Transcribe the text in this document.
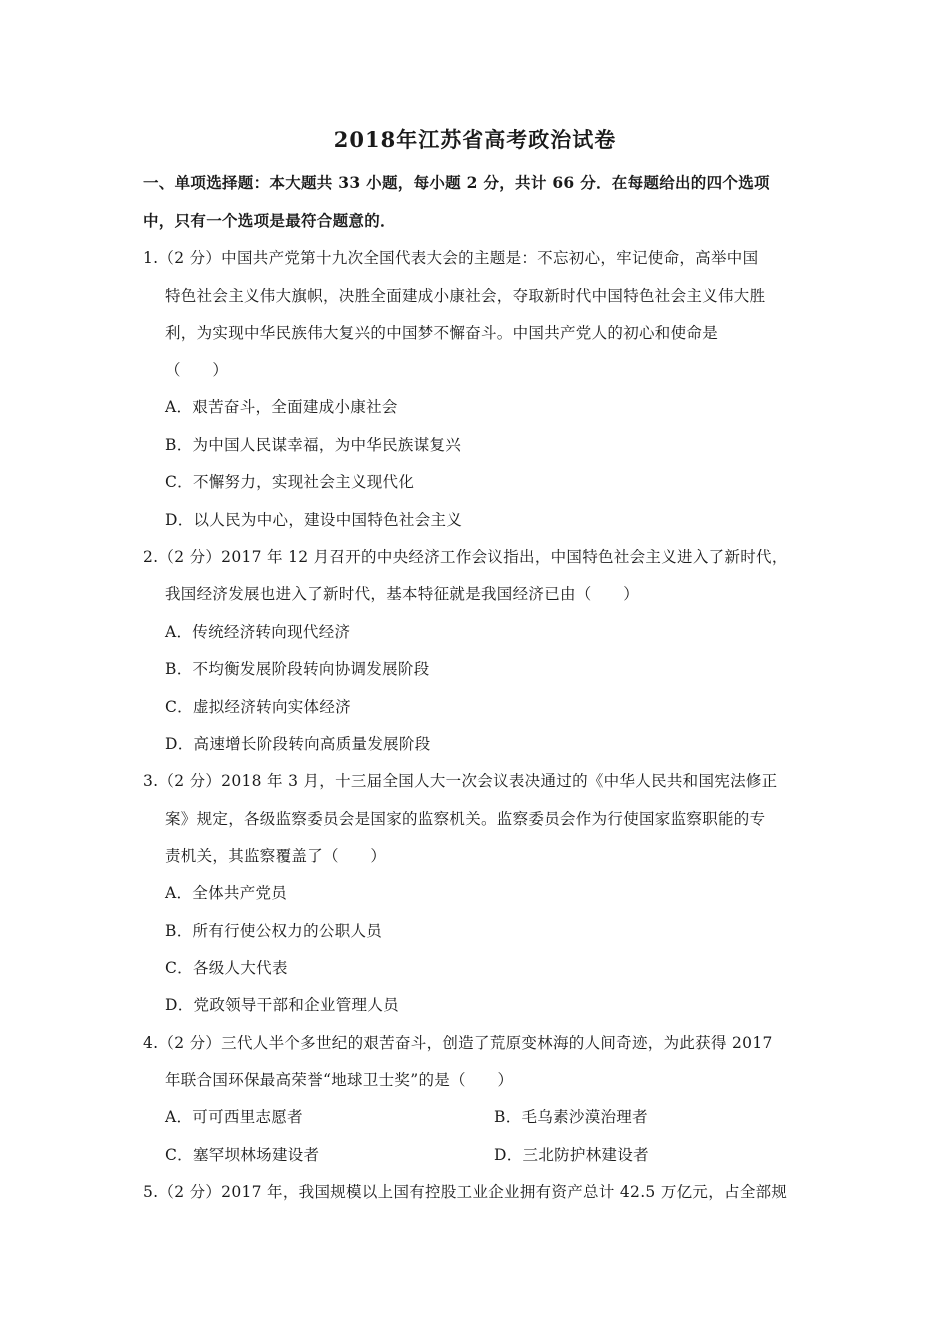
2018年江苏省高考政治试卷
一、单项选择题：本大题共 33 小题，每小题 2 分，共计 66 分．在每题给出的四个选项
中，只有一个选项是最符合题意的．
1.（2 分）中国共产党第十九次全国代表大会的主题是：不忘初心，牢记使命，高举中国
特色社会主义伟大旗帜，决胜全面建成小康社会，夺取新时代中国特色社会主义伟大胜
利，为实现中华民族伟大复兴的中国梦不懈奋斗。中国共产党人的初心和使命是
（　　）
A．艰苦奋斗，全面建成小康社会
B．为中国人民谋幸福，为中华民族谋复兴
C．不懈努力，实现社会主义现代化
D．以人民为中心，建设中国特色社会主义
2.（2 分）2017 年 12 月召开的中央经济工作会议指出，中国特色社会主义进入了新时代，
我国经济发展也进入了新时代，基本特征就是我国经济已由（　　）
A．传统经济转向现代经济
B．不均衡发展阶段转向协调发展阶段
C．虚拟经济转向实体经济
D．高速增长阶段转向高质量发展阶段
3.（2 分）2018 年 3 月，十三届全国人大一次会议表决通过的《中华人民共和国宪法修正
案》规定，各级监察委员会是国家的监察机关。监察委员会作为行使国家监察职能的专
责机关，其监察覆盖了（　　）
A．全体共产党员
B．所有行使公权力的公职人员
C．各级人大代表
D．党政领导干部和企业管理人员
4.（2 分）三代人半个多世纪的艰苦奋斗，创造了荒原变林海的人间奇迹，为此获得 2017
年联合国环保最高荣誉“地球卫士奖”的是（　　）
A．可可西里志愿者	B．毛乌素沙漠治理者
C．塞罕坝林场建设者	D．三北防护林建设者
5.（2 分）2017 年，我国规模以上国有控股工业企业拥有资产总计 42.5 万亿元，占全部规
